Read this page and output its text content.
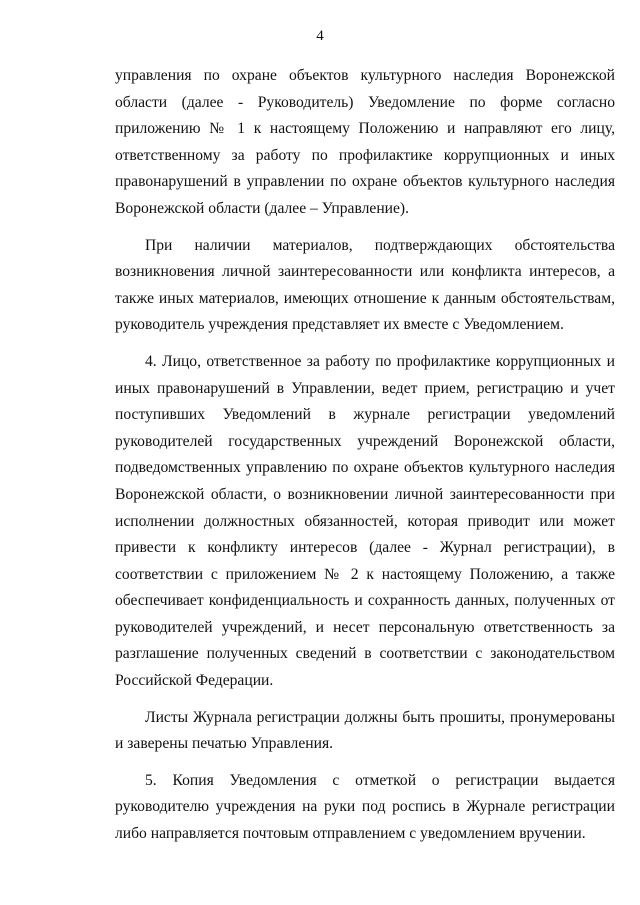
4

управления по охране объектов культурного наследия Воронежской области (далее - Руководитель) Уведомление по форме согласно приложению № 1 к настоящему Положению и направляют его лицу, ответственному за работу по профилактике коррупционных и иных правонарушений в управлении по охране объектов культурного наследия Воронежской области (далее – Управление).

При наличии материалов, подтверждающих обстоятельства возникновения личной заинтересованности или конфликта интересов, а также иных материалов, имеющих отношение к данным обстоятельствам, руководитель учреждения представляет их вместе с Уведомлением.

4. Лицо, ответственное за работу по профилактике коррупционных и иных правонарушений в Управлении, ведет прием, регистрацию и учет поступивших Уведомлений в журнале регистрации уведомлений руководителей государственных учреждений Воронежской области, подведомственных управлению по охране объектов культурного наследия Воронежской области, о возникновении личной заинтересованности при исполнении должностных обязанностей, которая приводит или может привести к конфликту интересов (далее - Журнал регистрации), в соответствии с приложением № 2 к настоящему Положению, а также обеспечивает конфиденциальность и сохранность данных, полученных от руководителей учреждений, и несет персональную ответственность за разглашение полученных сведений в соответствии с законодательством Российской Федерации.

Листы Журнала регистрации должны быть прошиты, пронумерованы и заверены печатью Управления.

5. Копия Уведомления с отметкой о регистрации выдается руководителю учреждения на руки под роспись в Журнале регистрации либо направляется почтовым отправлением с уведомлением вручении.
